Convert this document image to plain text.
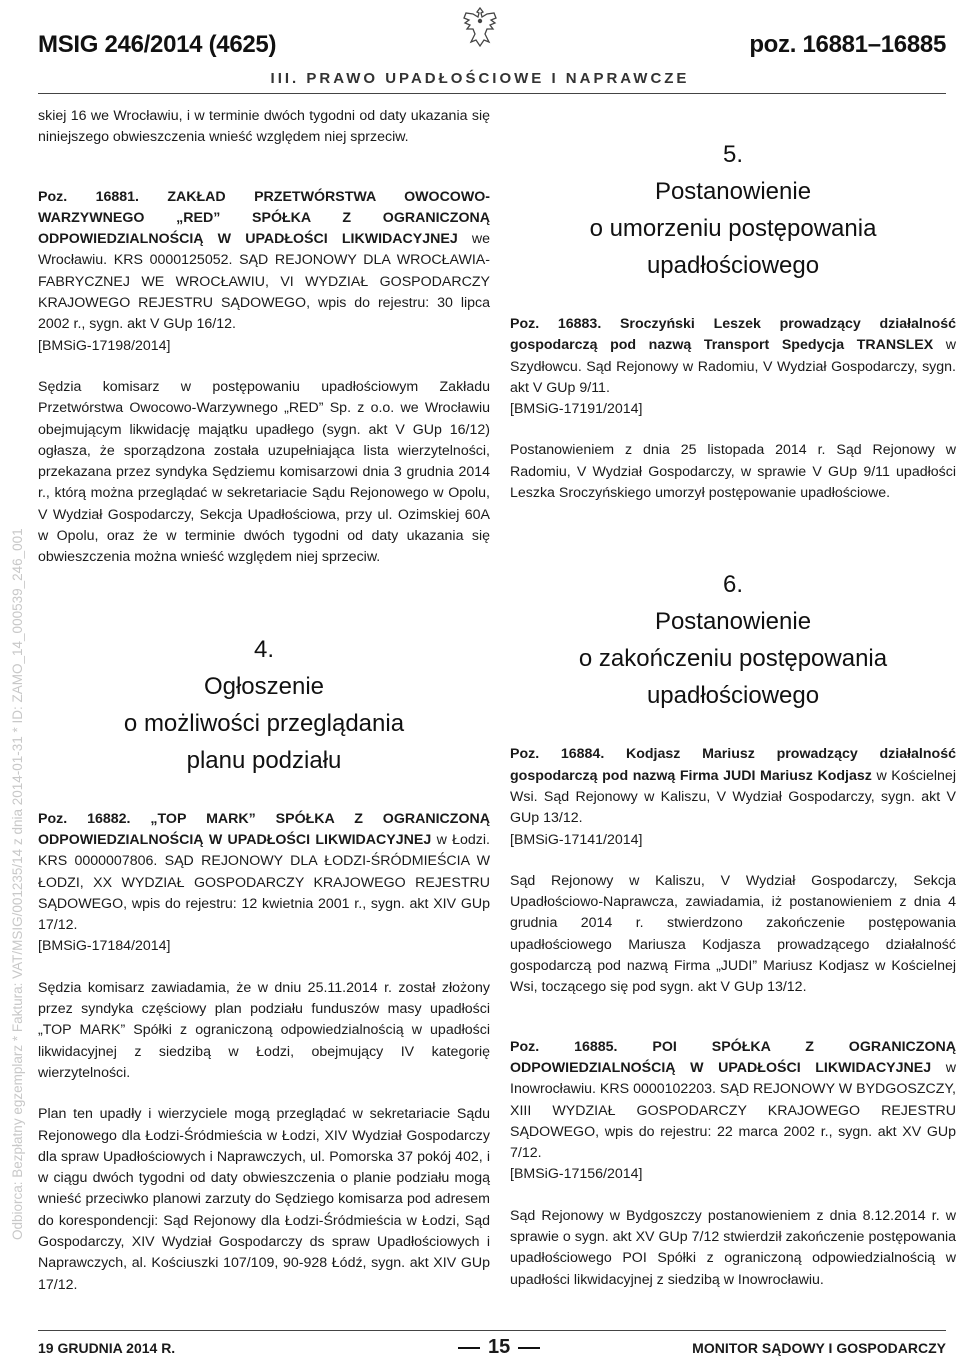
MSIG 246/2014 (4625)	poz. 16881–16885
III. PRAWO UPADŁOŚCIOWE I NAPRAWCZE
Odbiorca: Bezpłatny egzemplarz * Faktura: VAT/MSIG/001235/14 z dnia 2014-01-31 * ID: ZAMO_14_000539_246_001

skiej 16 we Wrocławiu, i w terminie dwóch tygodni od daty ukazania się niniejszego obwieszczenia wnieść względem niej sprzeciw.

Poz. 16881. ZAKŁAD PRZETWÓRSTWA OWOCOWO-WARZYWNEGO „RED” SPÓŁKA Z OGRANICZONĄ ODPOWIEDZIALNOŚCIĄ W UPADŁOŚCI LIKWIDACYJNEJ we Wrocławiu. KRS 0000125052. SĄD REJONOWY DLA WROCŁAWIA-FABRYCZNEJ WE WROCŁAWIU, VI WYDZIAŁ GOSPODARCZY KRAJOWEGO REJESTRU SĄDOWEGO, wpis do rejestru: 30 lipca 2002 r., sygn. akt V GUp 16/12.

[BMSiG-17198/2014]

Sędzia komisarz w postępowaniu upadłościowym Zakładu Przetwórstwa Owocowo-Warzywnego „RED” Sp. z o.o. we Wrocławiu obejmującym likwidację majątku upadłego (sygn. akt V GUp 16/12) ogłasza, że sporządzona została uzupełniająca lista wierzytelności, przekazana przez syndyka Sędziemu komisarzowi dnia 3 grudnia 2014 r., którą można przeglądać w sekretariacie Sądu Rejonowego w Opolu, V Wydział Gospodarczy, Sekcja Upadłościowa, przy ul. Ozimskiej 60A w Opolu, oraz że w terminie dwóch tygodni od daty ukazania się obwieszczenia można wnieść względem niej sprzeciw.

4.
Ogłoszenie
o możliwości przeglądania
planu podziału

Poz. 16882. „TOP MARK” SPÓŁKA Z OGRANICZONĄ ODPOWIEDZIALNOŚCIĄ W UPADŁOŚCI LIKWIDACYJNEJ w Łodzi. KRS 0000007806. SĄD REJONOWY DLA ŁODZI-ŚRÓDMIEŚCIA W ŁODZI, XX WYDZIAŁ GOSPODARCZY KRAJOWEGO REJESTRU SĄDOWEGO, wpis do rejestru: 12 kwietnia 2001 r., sygn. akt XIV GUp 17/12.

[BMSiG-17184/2014]

Sędzia komisarz zawiadamia, że w dniu 25.11.2014 r. został złożony przez syndyka częściowy plan podziału funduszów masy upadłości „TOP MARK” Spółki z ograniczoną odpowiedzialnością w upadłości likwidacyjnej z siedzibą w Łodzi, obejmujący IV kategorię wierzytelności.

Plan ten upadły i wierzyciele mogą przeglądać w sekretariacie Sądu Rejonowego dla Łodzi-Śródmieścia w Łodzi, XIV Wydział Gospodarczy dla spraw Upadłościowych i Naprawczych, ul. Pomorska 37 pokój 402, i w ciągu dwóch tygodni od daty obwieszczenia o planie podziału mogą wnieść przeciwko planowi zarzuty do Sędziego komisarza pod adresem do korespondencji: Sąd Rejonowy dla Łodzi-Śródmieścia w Łodzi, Sąd Gospodarczy, XIV Wydział Gospodarczy ds spraw Upadłościowych i Naprawczych, al. Kościuszki 107/109, 90-928 Łódź, sygn. akt XIV GUp 17/12.

5.
Postanowienie
o umorzeniu postępowania
upadłościowego

Poz. 16883. Sroczyński Leszek prowadzący działalność gospodarczą pod nazwą Transport Spedycja TRANSLEX w Szydłowcu. Sąd Rejonowy w Radomiu, V Wydział Gospodarczy, sygn. akt V GUp 9/11.

[BMSiG-17191/2014]

Postanowieniem z dnia 25 listopada 2014 r. Sąd Rejonowy w Radomiu, V Wydział Gospodarczy, w sprawie V GUp 9/11 upadłości Leszka Sroczyńskiego umorzył postępowanie upadłościowe.

6.
Postanowienie
o zakończeniu postępowania
upadłościowego

Poz. 16884. Kodjasz Mariusz prowadzący działalność gospodarczą pod nazwą Firma JUDI Mariusz Kodjasz w Kościelnej Wsi. Sąd Rejonowy w Kaliszu, V Wydział Gospodarczy, sygn. akt V GUp 13/12.

[BMSiG-17141/2014]

Sąd Rejonowy w Kaliszu, V Wydział Gospodarczy, Sekcja Upadłościowo-Naprawcza, zawiadamia, iż postanowieniem z dnia 4 grudnia 2014 r. stwierdzono zakończenie postępowania upadłościowego Mariusza Kodjasza prowadzącego działalność gospodarczą pod nazwą Firma „JUDI” Mariusz Kodjasz w Kościelnej Wsi, toczącego się pod sygn. akt V GUp 13/12.

Poz. 16885. POI SPÓŁKA Z OGRANICZONĄ ODPOWIEDZIALNOŚCIĄ W UPADŁOŚCI LIKWIDACYJNEJ w Inowrocławiu. KRS 0000102203. SĄD REJONOWY W BYDGOSZCZY, XIII WYDZIAŁ GOSPODARCZY KRAJOWEGO REJESTRU SĄDOWEGO, wpis do rejestru: 22 marca 2002 r., sygn. akt XV GUp 7/12.

[BMSiG-17156/2014]

Sąd Rejonowy w Bydgoszczy postanowieniem z dnia 8.12.2014 r. w sprawie o sygn. akt XV GUp 7/12 stwierdził zakończenie postępowania upadłościowego POI Spółki z ograniczoną odpowiedzialnością w upadłości likwidacyjnej z siedzibą w Inowrocławiu.

19 GRUDNIA 2014 R.	15	MONITOR SĄDOWY I GOSPODARCZY
